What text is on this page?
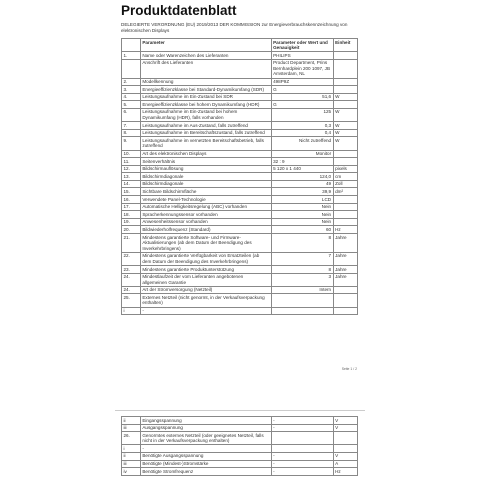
Produktdatenblatt
DELEGIERTE VERORDNUNG (EU) 2019/2013 DER KOMMISSION zur Energieverbrauchskennzeichnung von elektronischen Displays
	Parameter	Parameter oder Wert und Genauigkeit	Einheit
1.	Name oder Warenzeichen des Lieferanten	PHILIPS	
	Anschrift des Lieferanten	Product Department, Prins Bernhardplein 200 1097, JB Amsterdam, NL	
2.	Modellkennung	498P9Z	
3.	Energieeffizienzklasse bei Standard-Dynamikumfang (SDR)	G	
4.	Leistungsaufnahme im Ein-Zustand bei SDR	51,6	W
5.	Energieeffizienzklasse bei hohem Dynamikumfang (HDR)	G	
6.	Leistungsaufnahme im Ein-Zustand bei hohem Dynamikumfang (HDR), falls vorhanden	125	W
7.	Leistungsaufnahme im Aus-Zustand, falls zutreffend	0,3	W
8.	Leistungsaufnahme im Bereitschaftszustand, falls zutreffend	0,4	W
9.	Leistungsaufnahme im vernetzten Bereitschaftsbetrieb, falls zutreffend	Nicht zutreffend	W
10.	Art des elektronischen Displays	Monitor	
11.	Seitenverhältnis	32 : 9	
12.	Bildschirmauflösung	5 120 x 1 440	pixels
13.	Bildschirmdiagonale	124,0	cm
14.	Bildschirmdiagonale	49	Zoll
15.	Sichtbare Bildschirmfläche	39,9	dm²
16.	Verwendete Panel-Technologie	LCD	
17.	Automatische Helligkeitsregelung (ABC) vorhanden	Nein	
18.	Spracherkennungssensor vorhanden	Nein	
19.	Anwesenheitssensor vorhanden	Nein	
20.	Bildwiederholfrequenz (Standard)	60	Hz
21.	Mindestens garantierte Software- und Firmware-Aktualisierungen (ab dem Datum der Beendigung des Inverkehrbringens)	8	Jahre
22.	Mindestens garantierte Verfügbarkeit von Ersatzteilen (ab dem Datum der Beendigung des Inverkehrbringens)	7	Jahre
23.	Mindestens garantierte Produktunterstützung	8	Jahre
24.	Mindestlaufzeit der vom Lieferanten angebotenen allgemeinen Garantie	3	Jahre
24.	Art der Stromversorgung (Netzteil)	Intern	
25.	Externes Netzteil (nicht genormt, in der Verkaufsverpackung enthalten)		
i	-		
Seite 1 / 2
ii	Eingangsspannung	-	V
iii	Ausgangsspannung	-	V
26.	Genormtes externes Netzteil (oder geeignetes Netzteil, falls nicht in der Verkaufsverpackung enthalten)		
i	-		
ii	Benötigte Ausgangsspannung	-	V
iii	Benötigte (Mindest-)Stromstärke	-	A
iv	Benötigte Stromfrequenz	-	Hz
